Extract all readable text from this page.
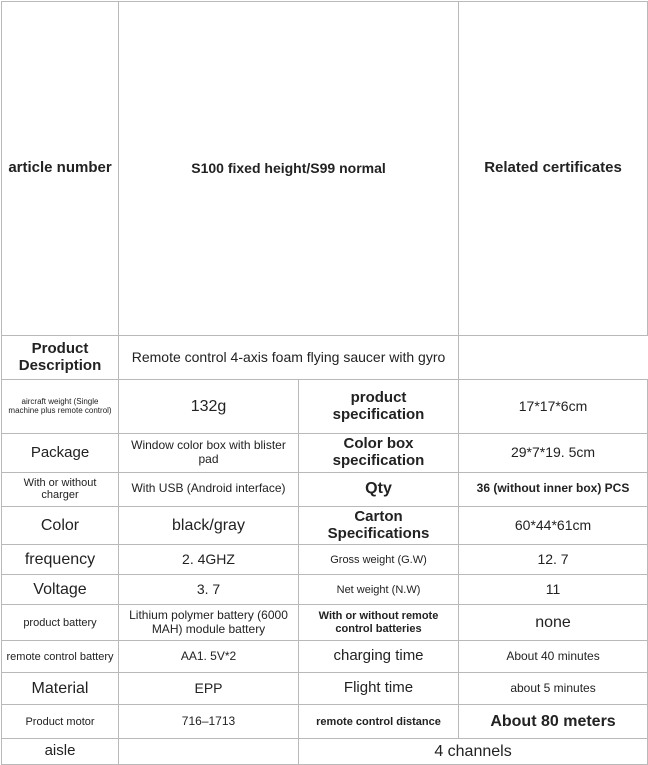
article number	S100 fixed height/S99 normal		Related certificates	
Product Description	Remote control 4-axis foam flying saucer with gyro			
aircraft weight (Single machine plus remote control)	132g	product specification	17*17*6cm	
Package	Window color box with blister pad	Color box specification	29*7*19. 5cm	
With or without charger	With USB (Android interface)	Qty	36 (without inner box) PCS	
Color	black/gray	Carton Specifications	60*44*61cm	
frequency	2. 4GHZ	Gross weight (G.W)	12. 7	
Voltage	3. 7	Net weight (N.W)	11	
product battery	Lithium polymer battery (6000 MAH) module battery	With or without remote control batteries	none	
remote control battery	AA1. 5V*2	charging time	About 40 minutes	
Material	EPP	Flight time	about 5 minutes	
Product motor	716–1713	remote control distance	About 80 meters	
aisle		4 channels		
